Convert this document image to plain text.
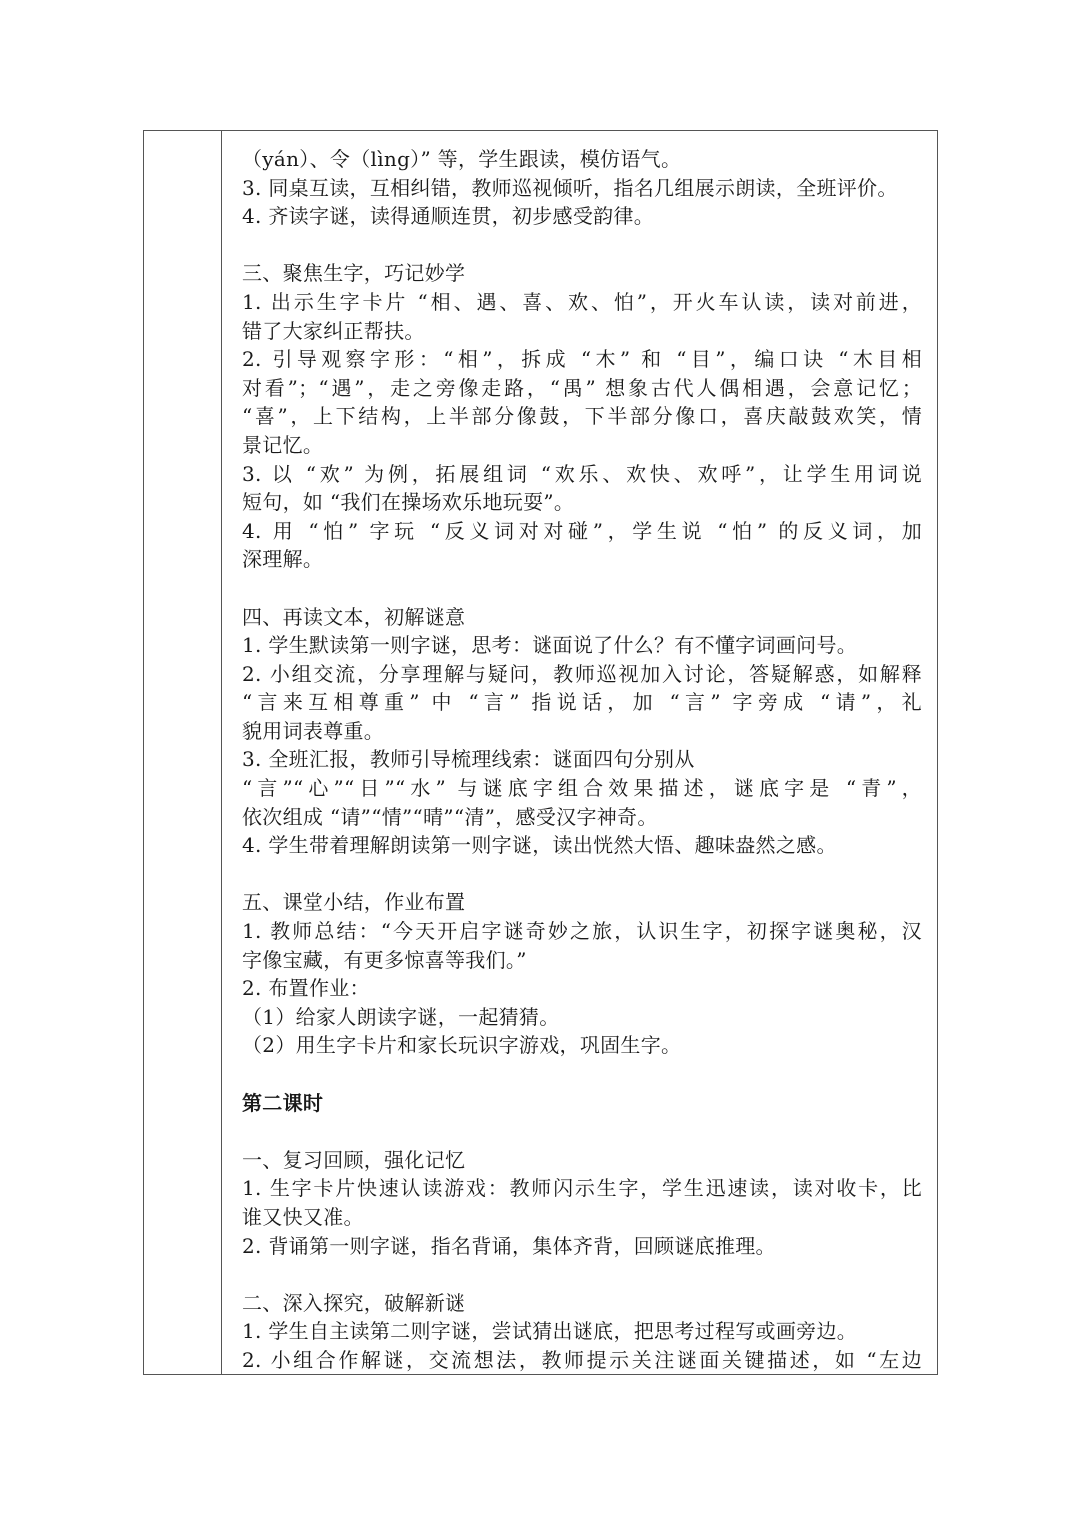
（yán）、令（lìng）” 等，学生跟读，模仿语气。
3. 同桌互读，互相纠错，教师巡视倾听，指名几组展示朗读，全班评价。
4. 齐读字谜，读得通顺连贯，初步感受韵律。
三、聚焦生字，巧记妙学
1. 出示生字卡片 “相、遇、喜、欢、怕”，开火车认读，读对前进，
错了大家纠正帮扶。
2. 引导观察字形：“相”，拆成 “木” 和 “目”，编口诀 “木目相
对看”；“遇”，走之旁像走路，“禺” 想象古代人偶相遇，会意记忆；
“喜”，上下结构，上半部分像鼓，下半部分像口，喜庆敲鼓欢笑，情
景记忆。
3. 以 “欢” 为例，拓展组词 “欢乐、欢快、欢呼”，让学生用词说
短句，如 “我们在操场欢乐地玩耍”。
4. 用 “怕” 字玩 “反义词对对碰”，学生说 “怕” 的反义词，加
深理解。
四、再读文本，初解谜意
1. 学生默读第一则字谜，思考：谜面说了什么？有不懂字词画问号。
2. 小组交流，分享理解与疑问，教师巡视加入讨论，答疑解惑，如解释
“言来互相尊重” 中 “言” 指说话，加 “言” 字旁成 “请”，礼
貌用词表尊重。
3. 全班汇报，教师引导梳理线索：谜面四句分别从
“言”“心”“日”“水” 与谜底字组合效果描述，谜底字是 “青”，
依次组成 “请”“情”“晴”“清”，感受汉字神奇。
4. 学生带着理解朗读第一则字谜，读出恍然大悟、趣味盎然之感。
五、课堂小结，作业布置
1. 教师总结：“今天开启字谜奇妙之旅，认识生字，初探字谜奥秘，汉
字像宝藏，有更多惊喜等我们。”
2. 布置作业：
（1）给家人朗读字谜，一起猜猜。
（2）用生字卡片和家长玩识字游戏，巩固生字。
第二课时
一、复习回顾，强化记忆
1. 生字卡片快速认读游戏：教师闪示生字，学生迅速读，读对收卡，比
谁又快又准。
2. 背诵第一则字谜，指名背诵，集体齐背，回顾谜底推理。
二、深入探究，破解新谜
1. 学生自主读第二则字谜，尝试猜出谜底，把思考过程写或画旁边。
2. 小组合作解谜，交流想法，教师提示关注谜面关键描述，如 “左边
